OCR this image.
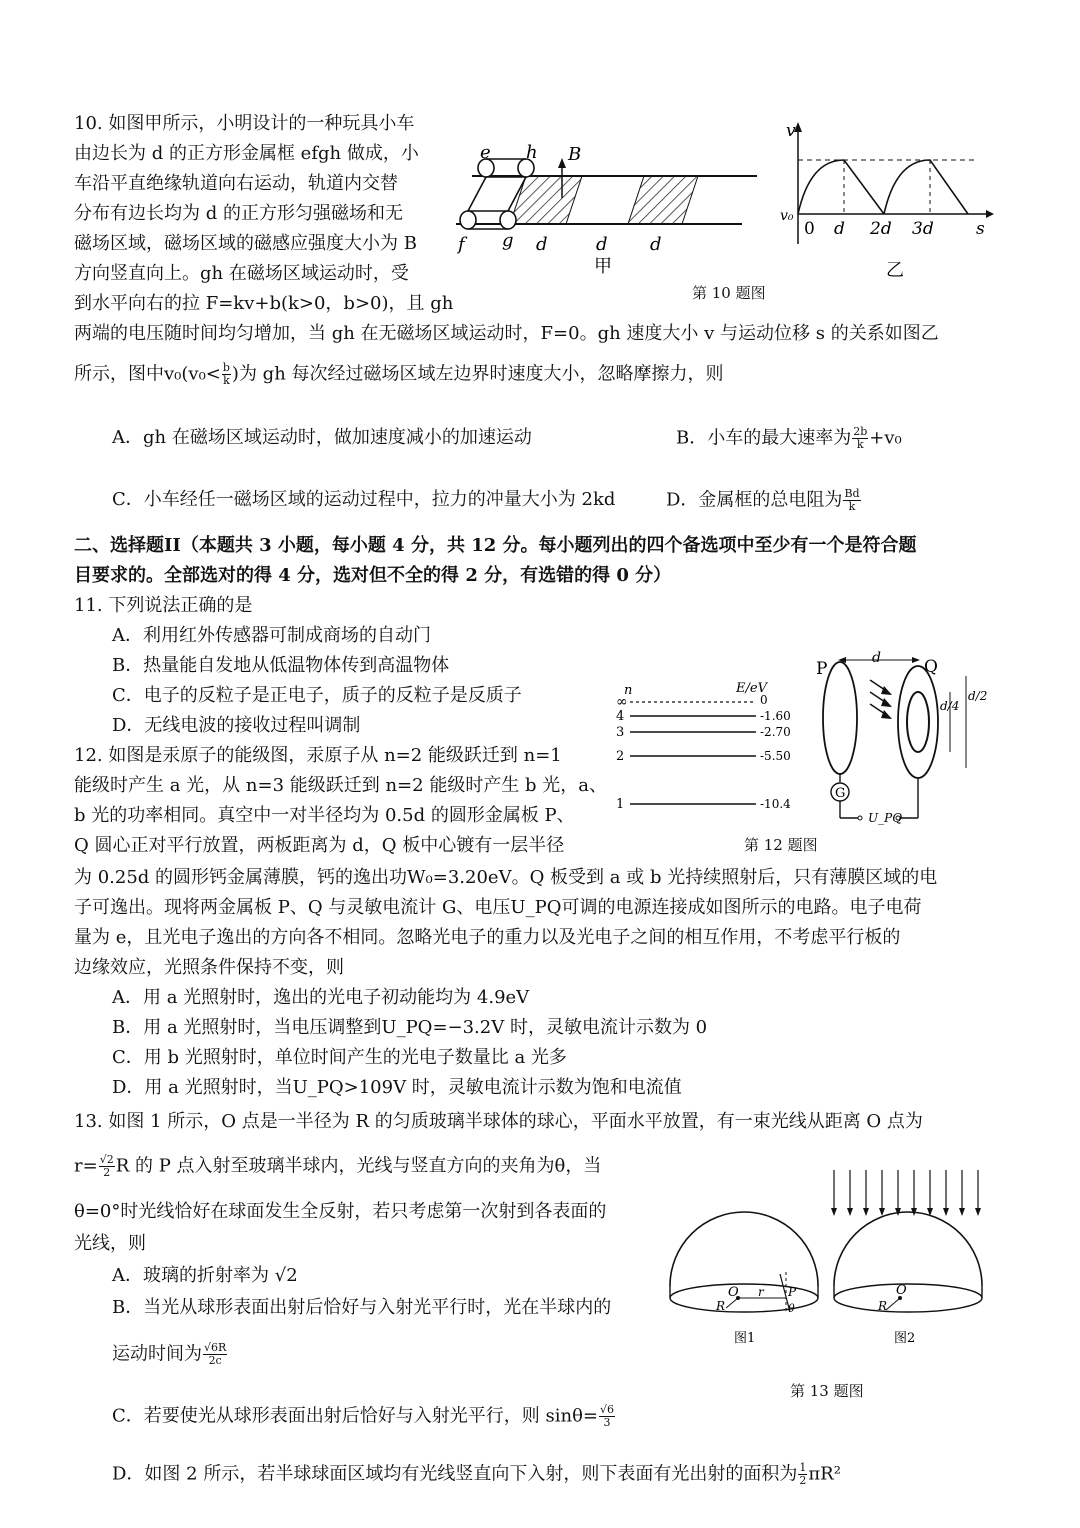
10. 如图甲所示，小明设计的一种玩具小车
由边长为 d 的正方形金属框 efgh 做成，小
车沿平直绝缘轨道向右运动，轨道内交替
分布有边长均为 d 的正方形匀强磁场和无
磁场区域，磁场区域的磁感应强度大小为 B
方向竖直向上。gh 在磁场区域运动时，受
到水平向右的拉 F=kv+b(k>0，b>0)，且 gh
两端的电压随时间均匀增加，当 gh 在无磁场区域运动时，F=0。gh 速度大小 v 与运动位移 s 的关系如图乙
所示，图中$v_0(v_0< \frac{b}{k}$ )为 gh 每次经过磁场区域左边界时速度大小，忽略摩擦力，则
A．gh 在磁场区域运动时，做加速度减小的加速运动	B．小车的最大速率为 $\frac{2b}{k} +v_0$
C．小车经任一磁场区域的运动过程中，拉力的冲量大小为 2kd	D．金属框的总电阻为 $\frac{Bd}{k}$
e h B
f g d	d d
甲
v
v₀
0 d 2d 3d s
乙
第 10 题图
二、选择题II（本题共 3 小题，每小题 4 分，共 12 分。每小题列出的四个备选项中至少有一个是符合题
目要求的。全部选对的得 4 分，选对但不全的得 2 分，有选错的得 0 分）
11. 下列说法正确的是
A．利用红外传感器可制成商场的自动门
B．热量能自发地从低温物体传到高温物体
C．电子的反粒子是正电子，质子的反粒子是反质子
D．无线电波的接收过程叫调制
12. 如图是汞原子的能级图，汞原子从 n=2 能级跃迁到 n=1
能级时产生 a 光，从 n=3 能级跃迁到 n=2 能级时产生 b 光，a、
b 光的功率相同。真空中一对半径均为 0.5d 的圆形金属板 P、
Q 圆心正对平行放置，两板距离为 d，Q 板中心镀有一层半径
为 0.25d 的圆形钙金属薄膜，钙的逸出功W₀=3.20eV。Q 板受到 a 或 b 光持续照射后，只有薄膜区域的电
子可逸出。现将两金属板 P、Q 与灵敏电流计 G、电压U_PQ可调的电源连接成如图所示的电路。电子电荷
量为 e，且光电子逸出的方向各不相同。忽略光电子的重力以及光电子之间的相互作用，不考虑平行板的
边缘效应，光照条件保持不变，则
A．用 a 光照射时，逸出的光电子初动能均为 4.9eV
B．用 a 光照射时，当电压调整到U_PQ=−3.2V 时，灵敏电流计示数为 0
C．用 b 光照射时，单位时间产生的光电子数量比 a 光多
D．用 a 光照射时，当U_PQ>109V 时，灵敏电流计示数为饱和电流值
n	E/eV
∞	0
4	-1.60
3	-2.70
2	-5.50
1	-10.4
P	Q
d
d/4
d/2
G
U_PQ
第 12 题图
13. 如图 1 所示，O 点是一半径为 R 的匀质玻璃半球体的球心，平面水平放置，有一束光线从距离 O 点为
$r= \frac{√2}{2}$ R 的 P 点入射至玻璃半球内，光线与竖直方向的夹角为θ，当
θ=0°时光线恰好在球面发生全反射，若只考虑第一次射到各表面的
光线，则
A．玻璃的折射率为 √2
B．当光从球形表面出射后恰好与入射光平行时，光在半球内的
运动时间为 $\frac{√6R}{2c}$
C．若要使光从球形表面出射后恰好与入射光平行，则 $\sin\theta= \frac{√6}{3}$
D．如图 2 所示，若半球球面区域均有光线竖直向下入射，则下表面有光出射的面积为 $\frac{1}{2} \pi R^2$
O
R
r P
θ
图1
O
R
图2
第 13 题图
